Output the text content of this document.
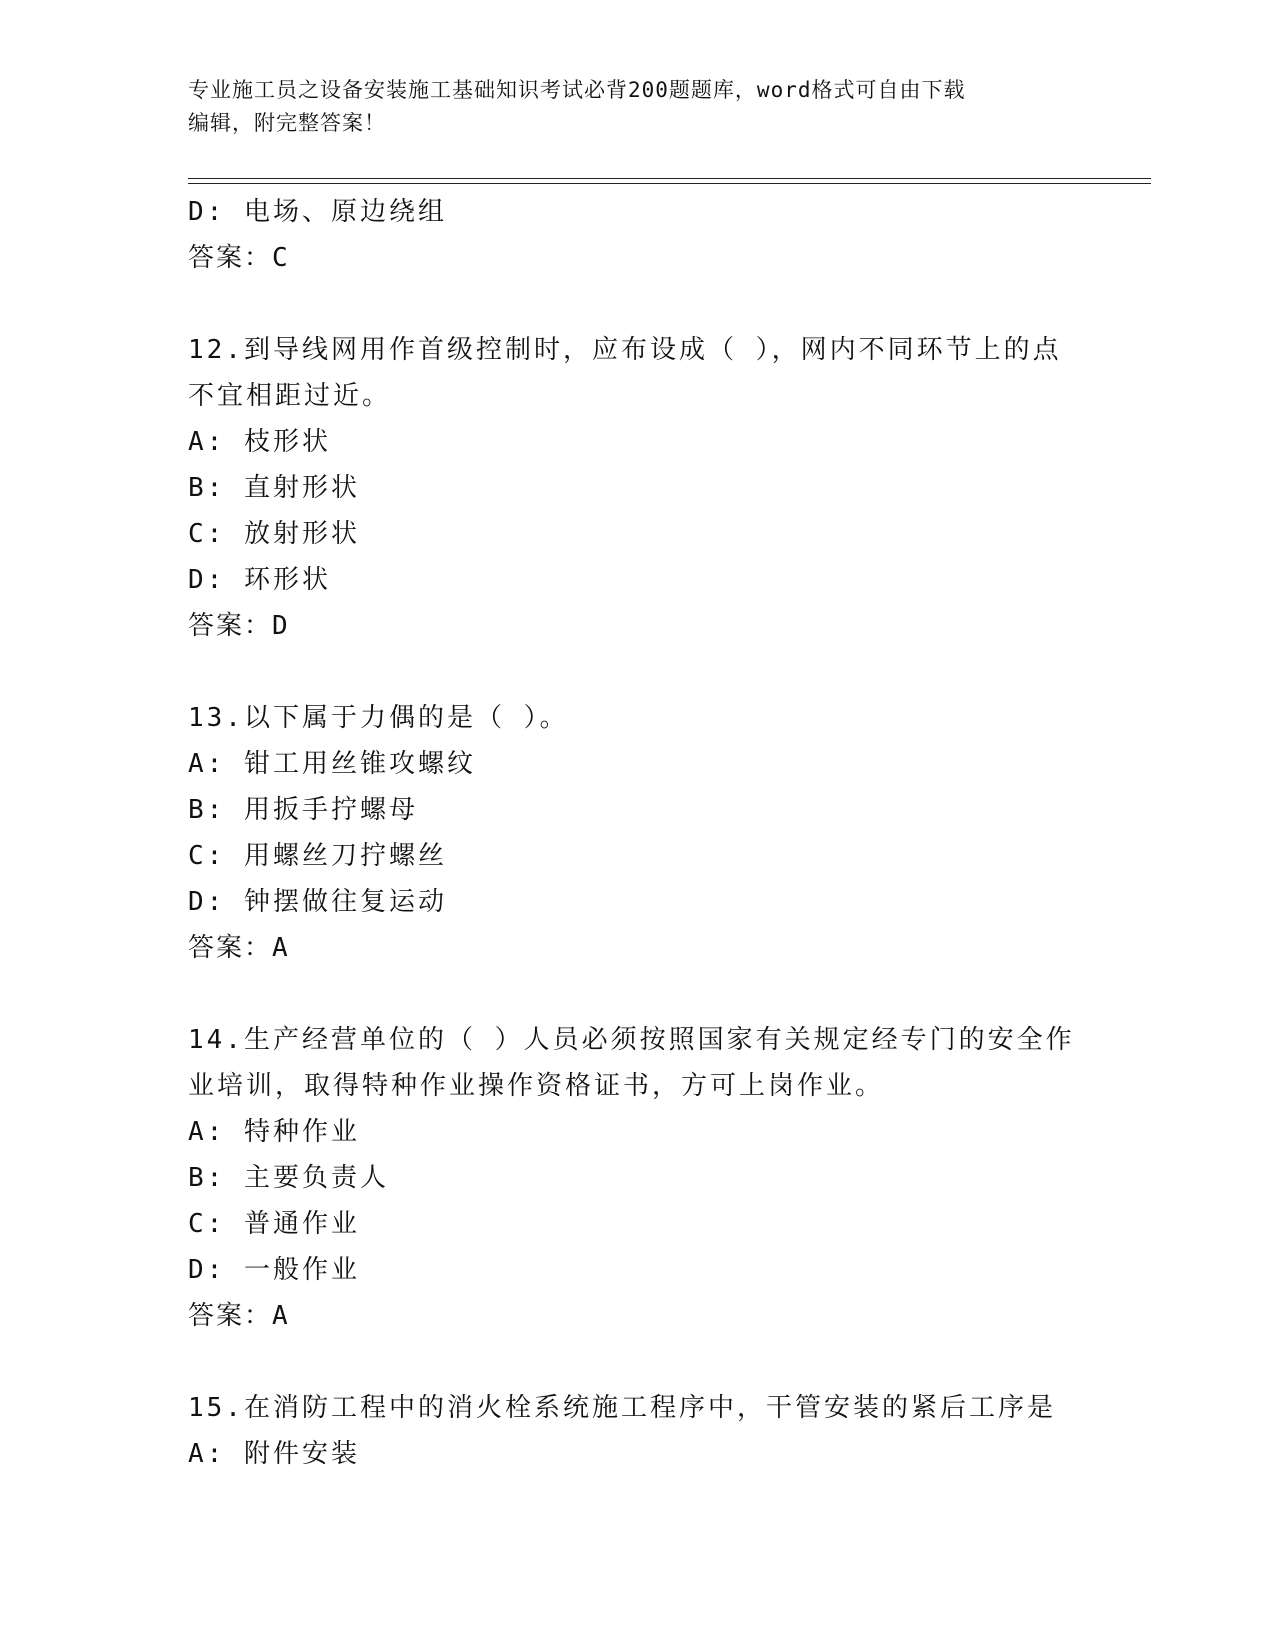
专业施工员之设备安装施工基础知识考试必背200题题库，word格式可自由下载
编辑，附完整答案！
D: 电场、原边绕组
答案：C
12.到导线网用作首级控制时，应布设成（ ），网内不同环节上的点
不宜相距过近。
A: 枝形状
B: 直射形状
C: 放射形状
D: 环形状
答案：D
13.以下属于力偶的是（ ）。
A: 钳工用丝锥攻螺纹
B: 用扳手拧螺母
C: 用螺丝刀拧螺丝
D: 钟摆做往复运动
答案：A
14.生产经营单位的（ ）人员必须按照国家有关规定经专门的安全作
业培训，取得特种作业操作资格证书，方可上岗作业。
A: 特种作业
B: 主要负责人
C: 普通作业
D: 一般作业
答案：A
15.在消防工程中的消火栓系统施工程序中，干管安装的紧后工序是
A: 附件安装
